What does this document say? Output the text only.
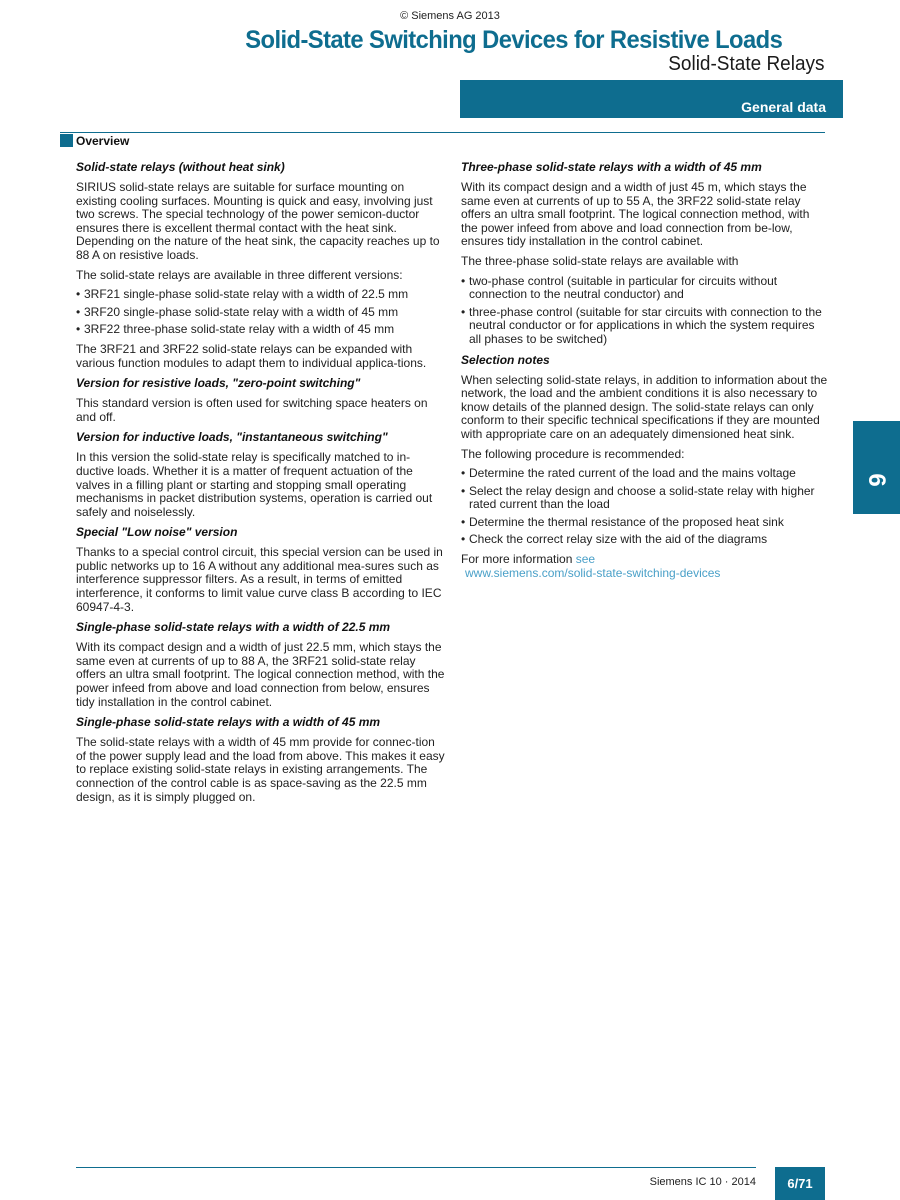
© Siemens AG 2013
Solid-State Switching Devices for Resistive Loads
Solid-State Relays
General data
Overview
Solid-state relays (without heat sink)

SIRIUS solid-state relays are suitable for surface mounting on existing cooling surfaces. Mounting is quick and easy, involving just two screws. The special technology of the power semicon-ductor ensures there is excellent thermal contact with the heat sink. Depending on the nature of the heat sink, the capacity reaches up to 88 A on resistive loads.

The solid-state relays are available in three different versions:

• 3RF21 single-phase solid-state relay with a width of 22.5 mm
• 3RF20 single-phase solid-state relay with a width of 45 mm
• 3RF22 three-phase solid-state relay with a width of 45 mm

The 3RF21 and 3RF22 solid-state relays can be expanded with various function modules to adapt them to individual applica-tions.

Version for resistive loads, "zero-point switching"

This standard version is often used for switching space heaters on and off.

Version for inductive loads, "instantaneous switching"

In this version the solid-state relay is specifically matched to in-ductive loads. Whether it is a matter of frequent actuation of the valves in a filling plant or starting and stopping small operating mechanisms in packet distribution systems, operation is carried out safely and noiselessly.

Special "Low noise" version

Thanks to a special control circuit, this special version can be used in public networks up to 16 A without any additional mea-sures such as interference suppressor filters. As a result, in terms of emitted interference, it conforms to limit value curve class B according to IEC 60947-4-3.

Single-phase solid-state relays with a width of 22.5 mm

With its compact design and a width of just 22.5 mm, which stays the same even at currents of up to 88 A, the 3RF21 solid-state relay offers an ultra small footprint. The logical connection method, with the power infeed from above and load connection from below, ensures tidy installation in the control cabinet.

Single-phase solid-state relays with a width of 45 mm

The solid-state relays with a width of 45 mm provide for connec-tion of the power supply lead and the load from above. This makes it easy to replace existing solid-state relays in existing arrangements. The connection of the control cable is as space-saving as the 22.5 mm design, as it is simply plugged on.

Three-phase solid-state relays with a width of 45 mm

With its compact design and a width of just 45 m, which stays the same even at currents of up to 55 A, the 3RF22 solid-state relay offers an ultra small footprint. The logical connection method, with the power infeed from above and load connection from be-low, ensures tidy installation in the control cabinet.

The three-phase solid-state relays are available with

• two-phase control (suitable in particular for circuits without connection to the neutral conductor) and
• three-phase control (suitable for star circuits with connection to the neutral conductor or for applications in which the system requires all phases to be switched)
Selection notes

When selecting solid-state relays, in addition to information about the network, the load and the ambient conditions it is also necessary to know details of the planned design. The solid-state relays can only conform to their specific technical specifications if they are mounted with appropriate care on an adequately dimensioned heat sink.

The following procedure is recommended:

• Determine the rated current of the load and the mains voltage
• Select the relay design and choose a solid-state relay with higher rated current than the load
• Determine the thermal resistance of the proposed heat sink
• Check the correct relay size with the aid of the diagrams

For more information see
www.siemens.com/solid-state-switching-devices

6
Siemens IC 10 · 2014	6/71
